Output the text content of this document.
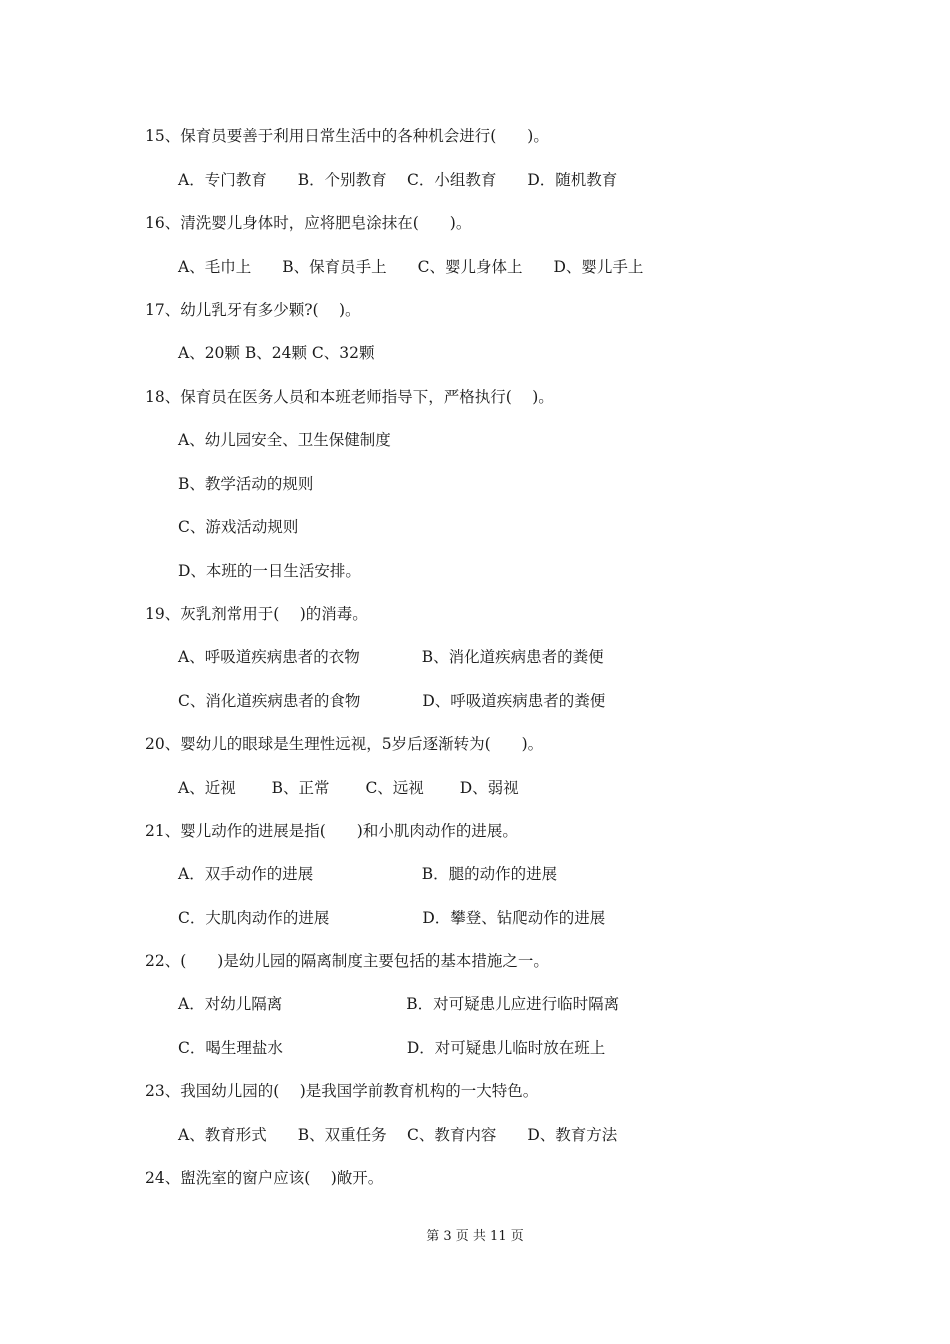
15、保育员要善于利用日常生活中的各种机会进行(　　)。
A．专门教育　　B．个别教育　 C．小组教育　　D．随机教育
16、清洗婴儿身体时，应将肥皂涂抹在(　　)。
A、毛巾上　　B、保育员手上　　C、婴儿身体上　　D、婴儿手上
17、幼儿乳牙有多少颗?(　 )。
A、20颗 B、24颗 C、32颗
18、保育员在医务人员和本班老师指导下，严格执行(　 )。
A、幼儿园安全、卫生保健制度
B、教学活动的规则
C、游戏活动规则
D、本班的一日生活安排。
19、灰乳剂常用于(　 )的消毒。
A、呼吸道疾病患者的衣物　　　　B、消化道疾病患者的粪便
C、消化道疾病患者的食物　　　　D、呼吸道疾病患者的粪便
20、婴幼儿的眼球是生理性远视，5岁后逐渐转为(　　)。
A、近视　　 B、正常　　 C、远视　　 D、弱视
21、婴儿动作的进展是指(　　)和小肌肉动作的进展。
A．双手动作的进展　　　　　　　B．腿的动作的进展
C．大肌肉动作的进展　　　　　　D．攀登、钻爬动作的进展
22、(　　)是幼儿园的隔离制度主要包括的基本措施之一。
A．对幼儿隔离　　　　　　　　B．对可疑患儿应进行临时隔离
C．喝生理盐水　　　　　　　　D．对可疑患儿临时放在班上
23、我国幼儿园的(　 )是我国学前教育机构的一大特色。
A、教育形式　　B、双重任务　 C、教育内容　　D、教育方法
24、盥洗室的窗户应该(　 )敞开。
第 3 页 共 11 页
